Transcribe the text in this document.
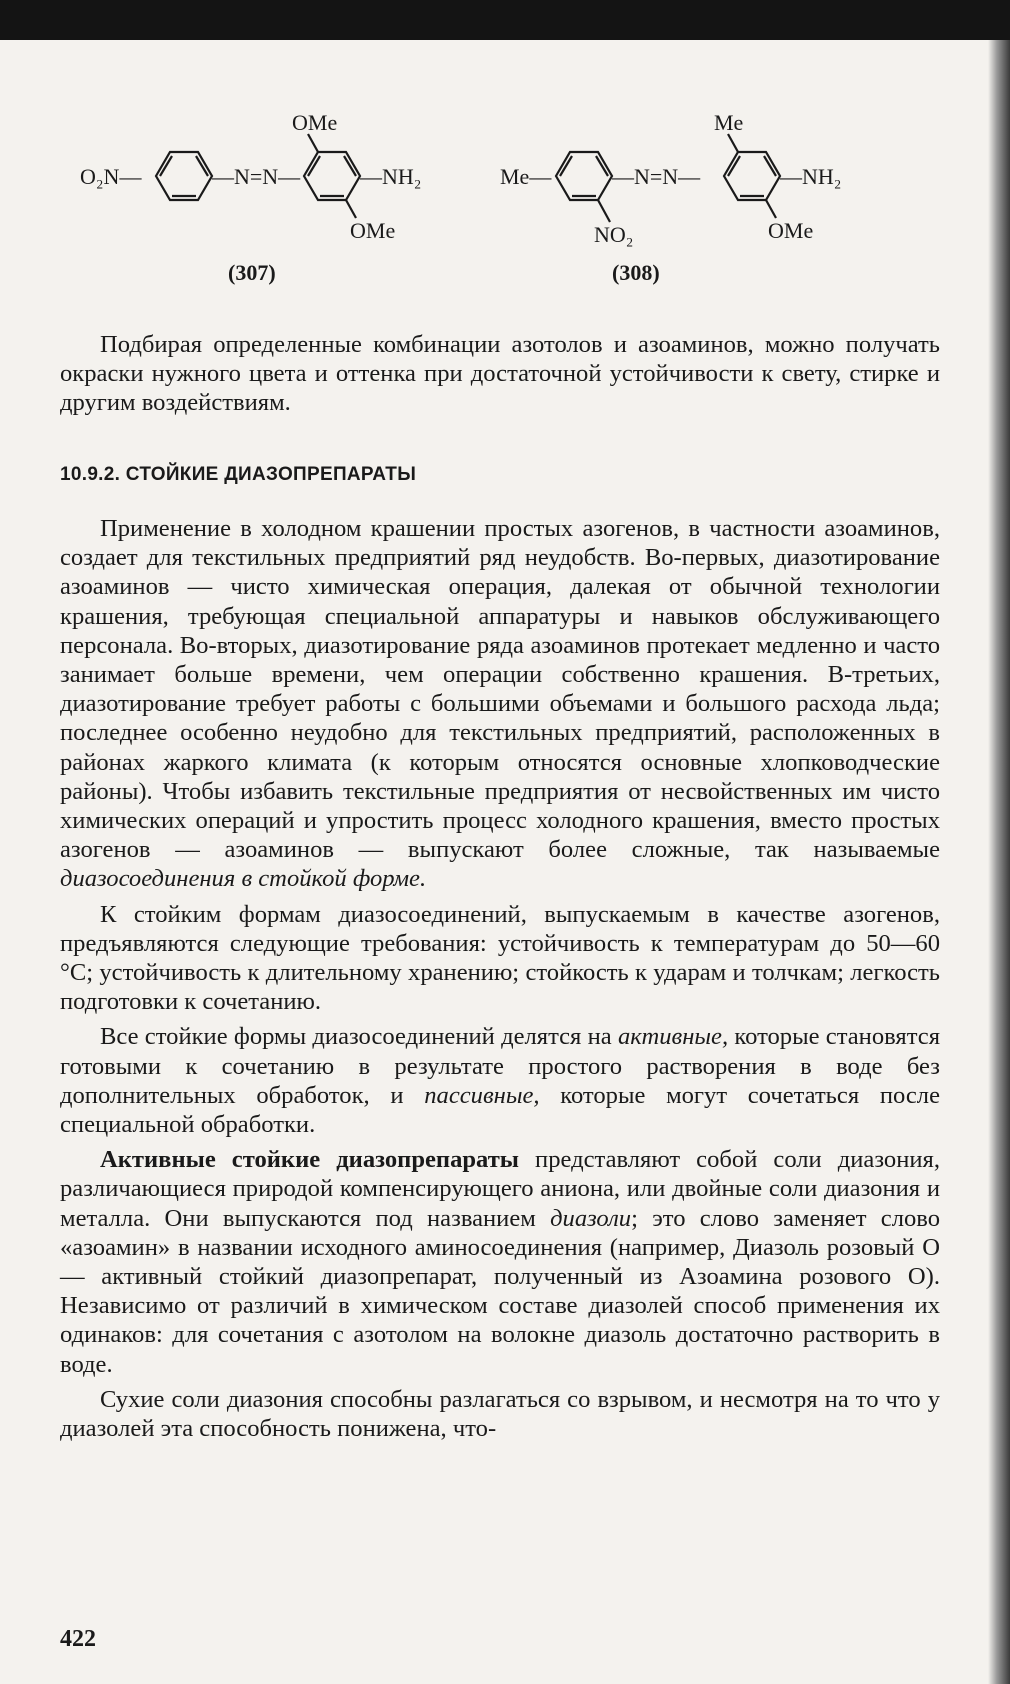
OMe
O₂N—	—N=N—	—NH₂
OMe
(307)
Me
Me—	—N=N—	—NH₂
NO₂	OMe
(308)

Подбирая определенные комбинации азотолов и азоаминов, можно получать окраски нужного цвета и оттенка при достаточной устойчивости к свету, стирке и другим воздействиям.

10.9.2. СТОЙКИЕ ДИАЗОПРЕПАРАТЫ

Применение в холодном крашении простых азогенов, в частности азоаминов, создает для текстильных предприятий ряд неудобств. Во-первых, диазотирование азоаминов — чисто химическая операция, далекая от обычной технологии крашения, требующая специальной аппаратуры и навыков обслуживающего персонала. Во-вторых, диазотирование ряда азоаминов протекает медленно и часто занимает больше времени, чем операции собственно крашения. В-третьих, диазотирование требует работы с большими объемами и большого расхода льда; последнее особенно неудобно для текстильных предприятий, расположенных в районах жаркого климата (к которым относятся основные хлопководческие районы). Чтобы избавить текстильные предприятия от несвойственных им чисто химических операций и упростить процесс холодного крашения, вместо простых азогенов — азоаминов — выпускают более сложные, так называемые диазосоединения в стойкой форме.

К стойким формам диазосоединений, выпускаемым в качестве азогенов, предъявляются следующие требования: устойчивость к температурам до 50—60 °С; устойчивость к длительному хранению; стойкость к ударам и толчкам; легкость подготовки к сочетанию.

Все стойкие формы диазосоединений делятся на активные, которые становятся готовыми к сочетанию в результате простого растворения в воде без дополнительных обработок, и пассивные, которые могут сочетаться после специальной обработки.

Активные стойкие диазопрепараты представляют собой соли диазония, различающиеся природой компенсирующего аниона, или двойные соли диазония и металла. Они выпускаются под названием диазоли; это слово заменяет слово «азоамин» в названии исходного аминосоединения (например, Диазоль розовый О — активный стойкий диазопрепарат, полученный из Азоамина розового О). Независимо от различий в химическом составе диазолей способ применения их одинаков: для сочетания с азотолом на волокне диазоль достаточно растворить в воде.

Сухие соли диазония способны разлагаться со взрывом, и несмотря на то что у диазолей эта способность понижена, что-

422
